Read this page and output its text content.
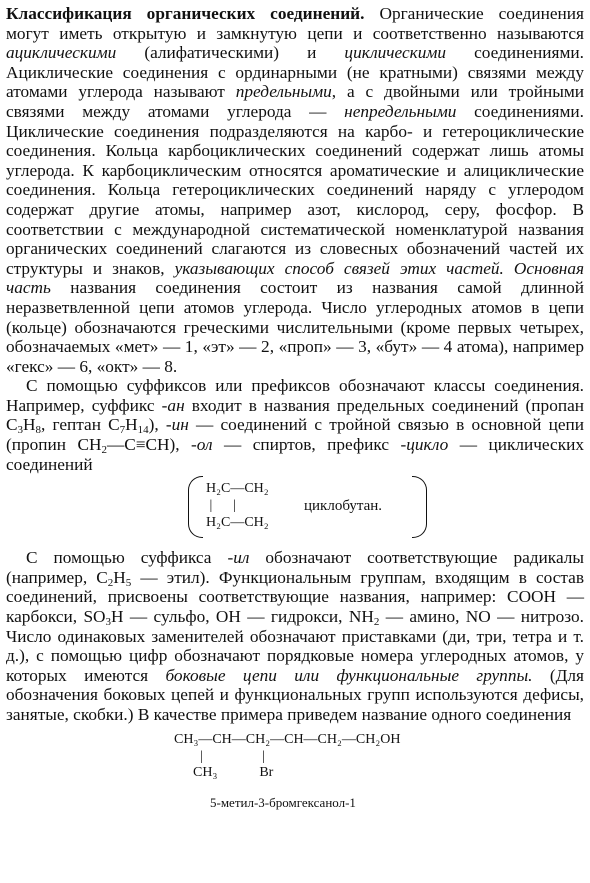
Классификация органических соединений. Органические соединения могут иметь открытую и замкнутую цепи и соответственно называются ациклическими (алифатическими) и циклическими соединениями. Ациклические соединения с ординарными (не кратными) связями между атомами углерода называют предельными, а с двойными или тройными связями между атомами углерода — непредельными соединениями. Циклические соединения подразделяются на карбо- и гетероциклические соединения. Кольца карбоциклических соединений содержат лишь атомы углерода. К карбоциклическим относятся ароматические и алициклические соединения. Кольца гетероциклических соединений наряду с углеродом содержат другие атомы, например азот, кислород, серу, фосфор. В соответствии с международной систематической номенклатурой названия органических соединений слагаются из словесных обозначений частей их структуры и знаков, указывающих способ связей этих частей. Основная часть названия соединения состоит из названия самой длинной неразветвленной цепи атомов углерода. Число углеродных атомов в цепи (кольце) обозначаются греческими числительными (кроме первых четырех, обозначаемых «мет» — 1, «эт» — 2, «проп» — 3, «бут» — 4 атома), например «гекс» — 6, «окт» — 8.

С помощью суффиксов или префиксов обозначают классы соединения. Например, суффикс -ан входит в названия предельных соединений (пропан $C_3H_8$, гептан $C_7H_{14}$), -ин — соединений с тройной связью в основной цепи (пропин $CH_2—C\equiv CH$), -ол — спиртов, префикс -цикло — циклических соединений

H₂C—CH₂
|      |
H₂C—CH₂
циклобутан.

С помощью суффикса -ил обозначают соответствующие радикалы (например, $C_2H_5$ — этил). Функциональным группам, входящим в состав соединений, присвоены соответствующие названия, например: COOH — карбокси, $SO_3H$ — сульфо, OH — гидрокси, $NH_2$ — амино, NO — нитрозо. Число одинаковых заменителей обозначают приставками (ди, три, тетра и т. д.), с помощью цифр обозначают порядковые номера углеродных атомов, у которых имеются боковые цепи или функциональные группы. (Для обозначения боковых цепей и функциональных групп используются дефисы, занятые, скобки.) В качестве примера приведем название одного соединения

CH₃—CH—CH₂—CH—CH₂—CH₂OH
|                 |
CH₃            Br
5-метил-3-бромгексанол-1
